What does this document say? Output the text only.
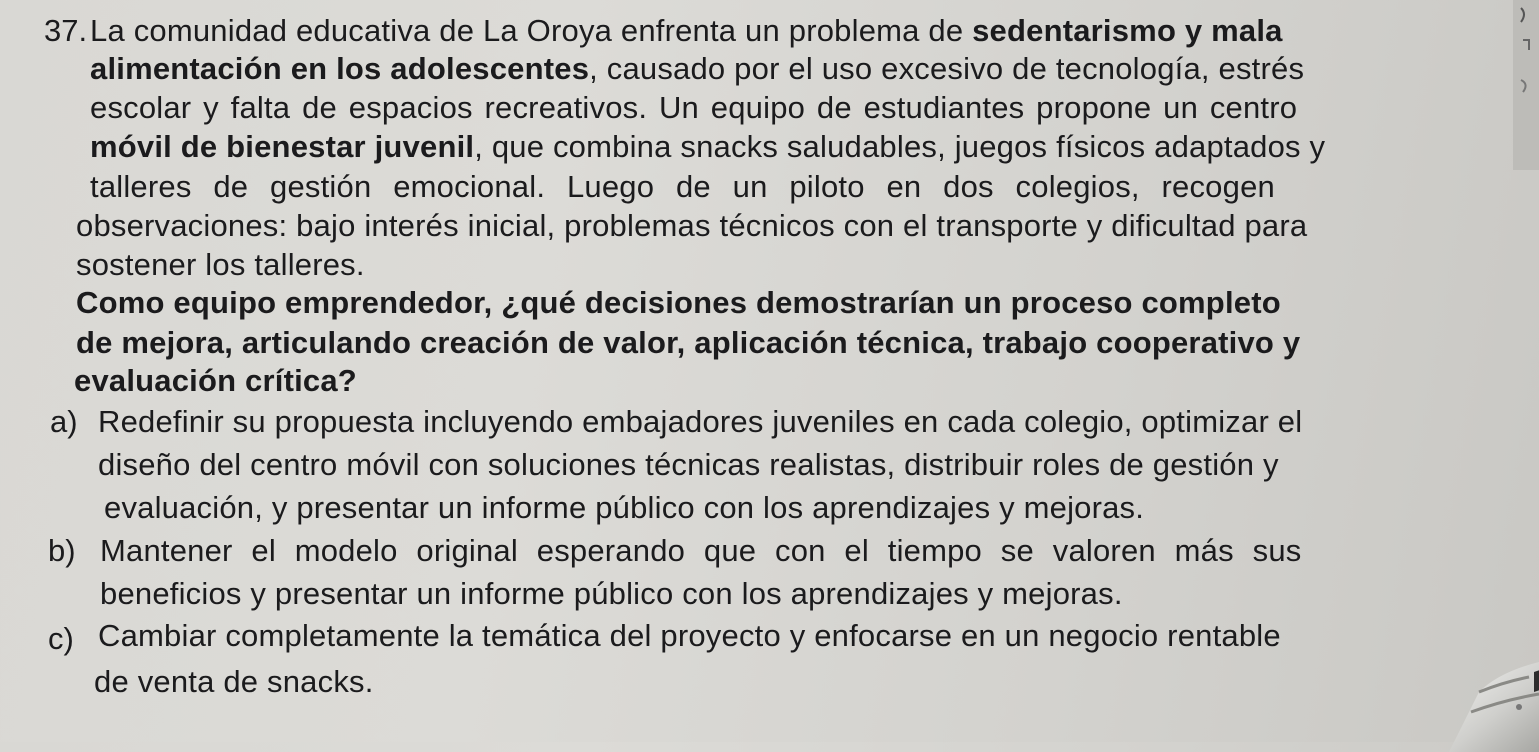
37. La comunidad educativa de La Oroya enfrenta un problema de sedentarismo y mala
alimentación en los adolescentes, causado por el uso excesivo de tecnología, estrés
escolar y falta de espacios recreativos. Un equipo de estudiantes propone un centro
móvil de bienestar juvenil, que combina snacks saludables, juegos físicos adaptados y
talleres de gestión emocional. Luego de un piloto en dos colegios, recogen
observaciones: bajo interés inicial, problemas técnicos con el transporte y dificultad para
sostener los talleres.
Como equipo emprendedor, ¿qué decisiones demostrarían un proceso completo
de mejora, articulando creación de valor, aplicación técnica, trabajo cooperativo y
evaluación crítica?
a) Redefinir su propuesta incluyendo embajadores juveniles en cada colegio, optimizar el
diseño del centro móvil con soluciones técnicas realistas, distribuir roles de gestión y
evaluación, y presentar un informe público con los aprendizajes y mejoras.
b) Mantener el modelo original esperando que con el tiempo se valoren más sus
beneficios y presentar un informe público con los aprendizajes y mejoras.
c) Cambiar completamente la temática del proyecto y enfocarse en un negocio rentable
de venta de snacks.
